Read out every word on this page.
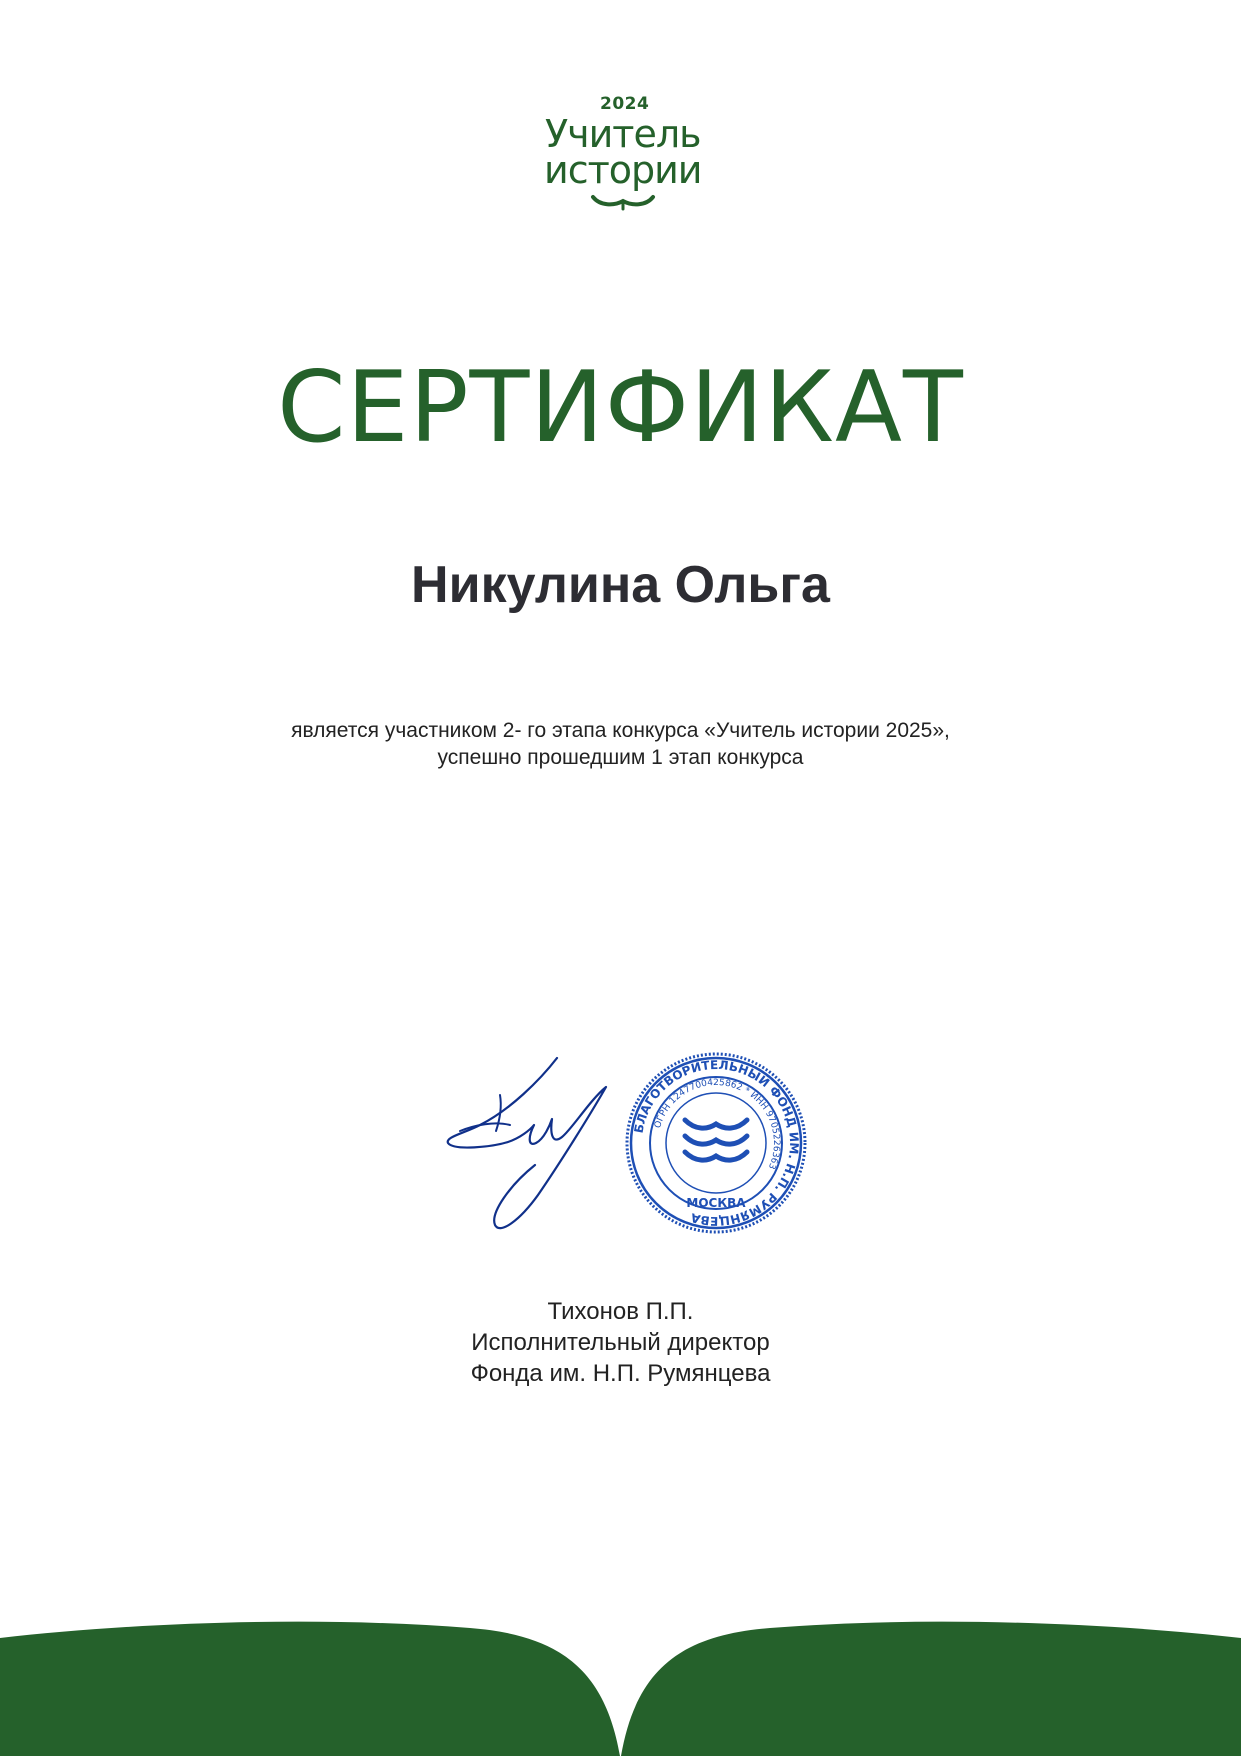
2024
Учитель
истории
СЕРТИФИКАТ
Никулина Ольга
является участником 2- го этапа конкурса «Учитель истории 2025»,
успешно прошедшим 1 этап конкурса
БЛАГОТВОРИТЕЛЬНЫЙ ФОНД ИМ. Н.П. РУМЯНЦЕВА
ОГРН 1247700425862 * ИНН 9705226363
МОСКВА
Тихонов П.П.
Исполнительный директор
Фонда им. Н.П. Румянцева
